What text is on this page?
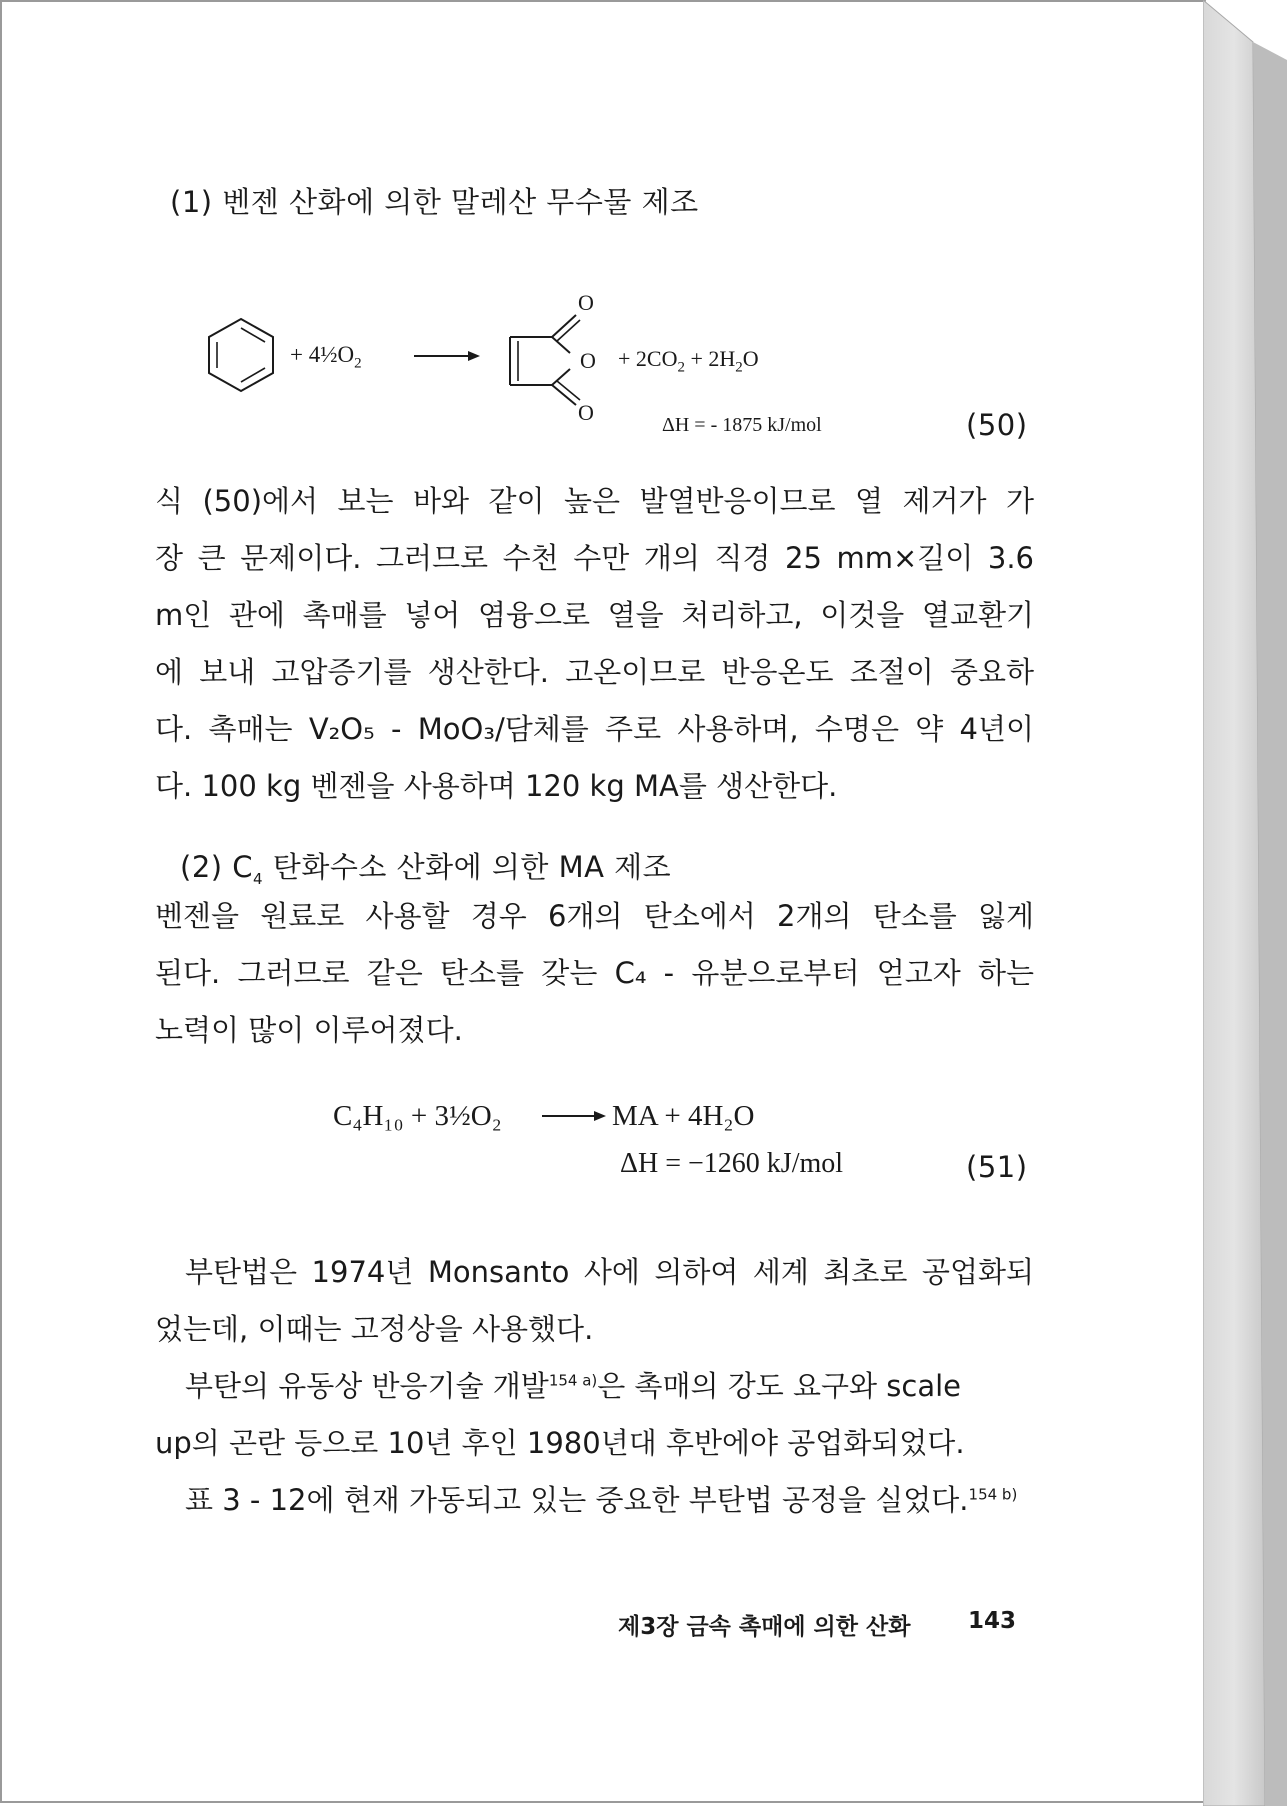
(1) 벤젠 산화에 의한 말레산 무수물 제조
+ $4\frac{1}{2}O_2$
O
O
O
+ $2CO_2 + 2H_2O$
ΔH = - 1875 kJ/mol	(50)
식 (50)에서 보는 바와 같이 높은 발열반응이므로 열 제거가 가
장 큰 문제이다. 그러므로 수천 수만 개의 직경 25 mm×길이 3.6
m인 관에 촉매를 넣어 염융으로 열을 처리하고, 이것을 열교환기
에 보내 고압증기를 생산한다. 고온이므로 반응온도 조절이 중요하
다. 촉매는 V₂O₅ - MoO₃/담체를 주로 사용하며, 수명은 약 4년이
다. 100 kg 벤젠을 사용하며 120 kg MA를 생산한다.
(2) $C_4$ 탄화수소 산화에 의한 MA 제조
벤젠을 원료로 사용할 경우 6개의 탄소에서 2개의 탄소를 잃게
된다. 그러므로 같은 탄소를 갖는 C₄ - 유분으로부터 얻고자 하는
노력이 많이 이루어졌다.
C₄H₁₀ + 3½O₂	MA + 4H₂O
ΔH = −1260 kJ/mol	(51)
부탄법은 1974년 Monsanto 사에 의하여 세계 최초로 공업화되
었는데, 이때는 고정상을 사용했다.
부탄의 유동상 반응기술 개발$^{154 a)}$은 촉매의 강도 요구와 scale
up의 곤란 등으로 10년 후인 1980년대 후반에야 공업화되었다.
표 3 - 12에 현재 가동되고 있는 중요한 부탄법 공정을 실었다.$^{154 b)}$
제3장 금속 촉매에 의한 산화	143
